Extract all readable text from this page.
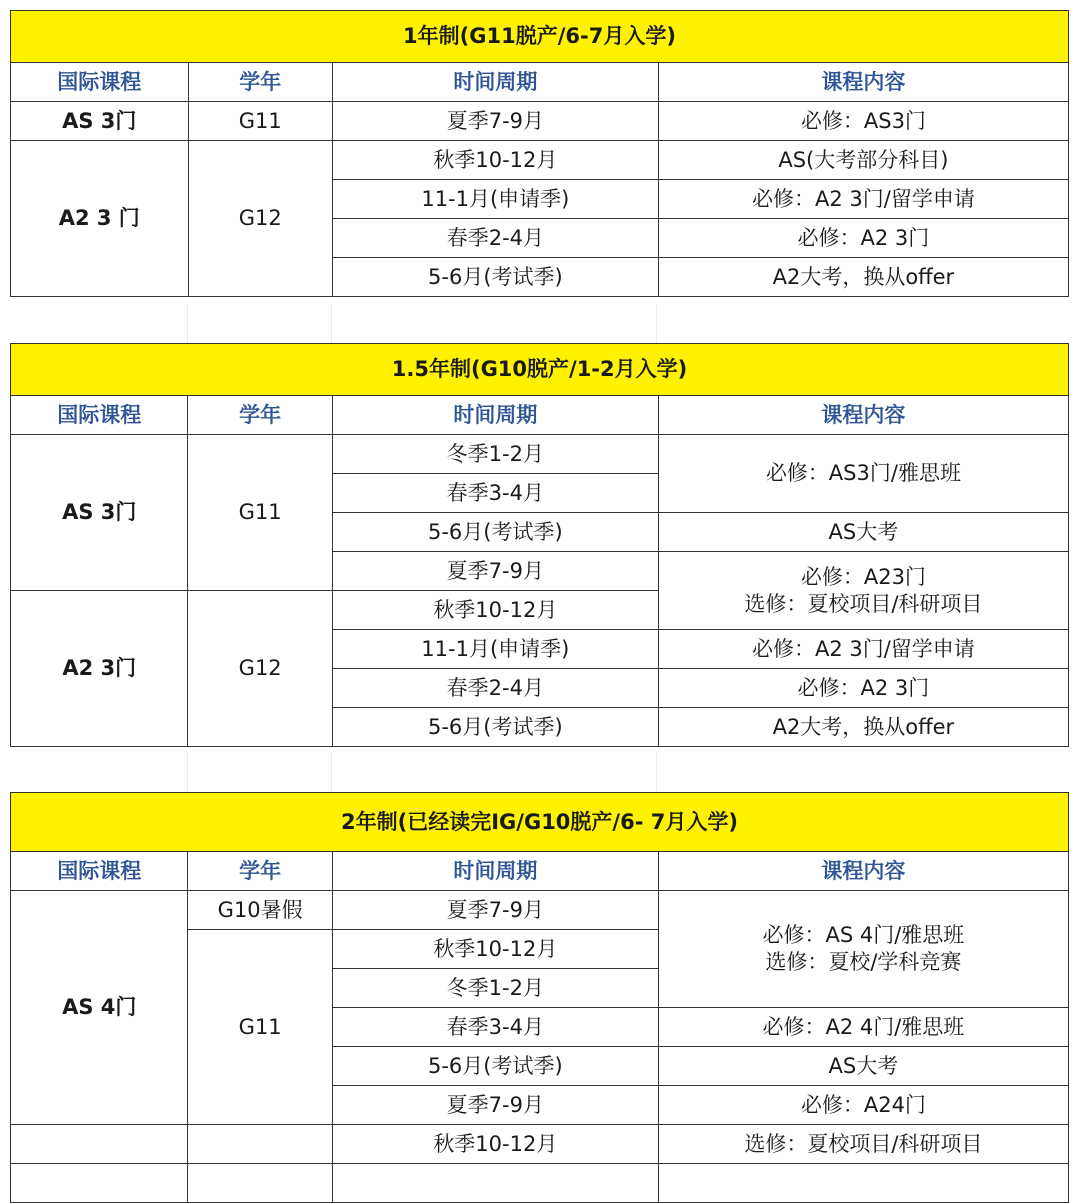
1年制(G11脱产/6-7月入学)			
国际课程	学年	时间周期	课程内容
AS 3门	G11	夏季7-9月	必修：AS3门
A2 3 门	G12	秋季10-12月	AS(大考部分科目)
		11-1月(申请季)	必修：A2 3门/留学申请
		春季2-4月	必修：A2 3门
		5-6月(考试季)	A2大考，换从offer
1.5年制(G10脱产/1-2月入学)			
国际课程	学年	时间周期	课程内容
AS 3门	G11	冬季1-2月	必修：AS3门/雅思班
		春季3-4月	
		5-6月(考试季)	AS大考
		夏季7-9月	必修：A23门
选修：夏校项目/科研项目

A2 3门	G12	秋季10-12月	
		11-1月(申请季)	必修：A2 3门/留学申请
		春季2-4月	必修：A2 3门
		5-6月(考试季)	A2大考，换从offer
2年制(已经读完IG/G10脱产/6- 7月入学)			
国际课程	学年	时间周期	课程内容
AS 4门	G10暑假	夏季7-9月	必修：AS 4门/雅思班
选修：夏校/学科竞赛

	G11	秋季10-12月	
		冬季1-2月	
		春季3-4月	必修：A2 4门/雅思班
		5-6月(考试季)	AS大考
		夏季7-9月	必修：A24门
		秋季10-12月	选修：夏校项目/科研项目
